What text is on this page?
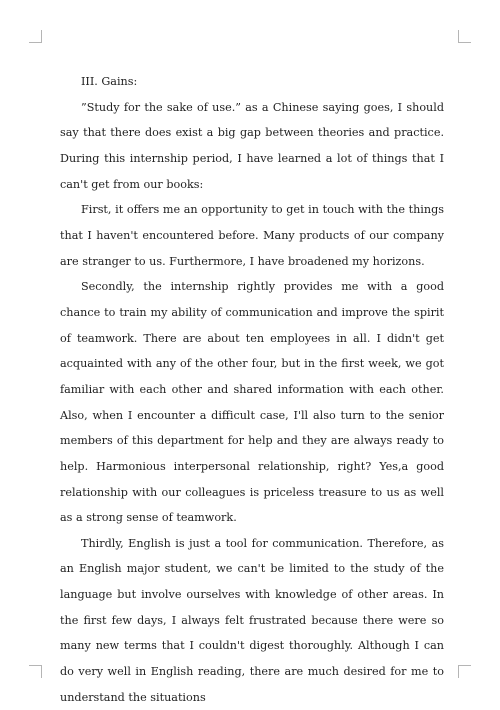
III. Gains:

”Study for the sake of use.” as a Chinese saying goes, I should say that there does exist a big gap between theories and practice. During this internship period, I have learned a lot of things that I can't get from our books:

First, it offers me an opportunity to get in touch with the things that I haven't encountered before. Many products of our company are stranger to us. Furthermore, I have broadened my horizons.

Secondly, the internship rightly provides me with a good chance to train my ability of communication and improve the spirit of teamwork. There are about ten employees in all. I didn't get acquainted with any of the other four, but in the first week, we got familiar with each other and shared information with each other. Also, when I encounter a difficult case, I'll also turn to the senior members of this department for help and they are always ready to help. Harmonious interpersonal relationship, right? Yes,a good relationship with our colleagues is priceless treasure to us as well as a strong sense of teamwork.

Thirdly, English is just a tool for communication. Therefore, as an English major student, we can't be limited to the study of the language but involve ourselves with knowledge of other areas. In the first few days, I always felt frustrated because there were so many new terms that I couldn't digest thoroughly. Although I can do very well in English reading, there are much desired for me to understand the situations
